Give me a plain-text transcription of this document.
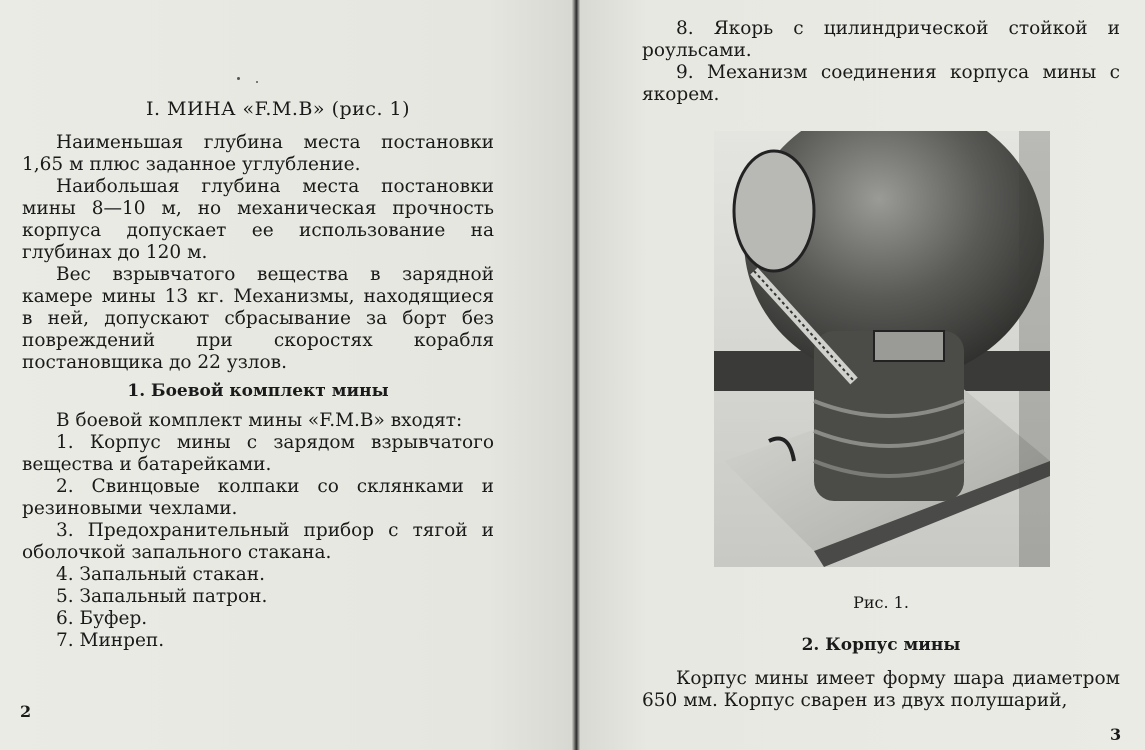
I. МИНА «F.M.B» (рис. 1)

Наименьшая глубина места постановки 1,65 м плюс заданное углубление.

Наибольшая глубина места постановки мины 8—10 м, но механическая прочность корпуса допускает ее использование на глубинах до 120 м.

Вес взрывчатого вещества в зарядной камере мины 13 кг. Механизмы, находящиеся в ней, допускают сбрасывание за борт без повреждений при скоростях корабля постановщика до 22 узлов.

1. Боевой комплект мины

В боевой комплект мины «F.M.B» входят:

1. Корпус мины с зарядом взрывчатого вещества и батарейками.

2. Свинцовые колпаки со склянками и резиновыми чехлами.

3. Предохранительный прибор с тягой и оболочкой запального стакана.

4. Запальный стакан.
5. Запальный патрон.
6. Буфер.
7. Минреп.
2

8. Якорь с цилиндрической стойкой и роульсами.

9. Механизм соединения корпуса мины с якорем.

Рис. 1.
2. Корпус мины

Корпус мины имеет форму шара диаметром 650 мм. Корпус сварен из двух полушарий,

3
